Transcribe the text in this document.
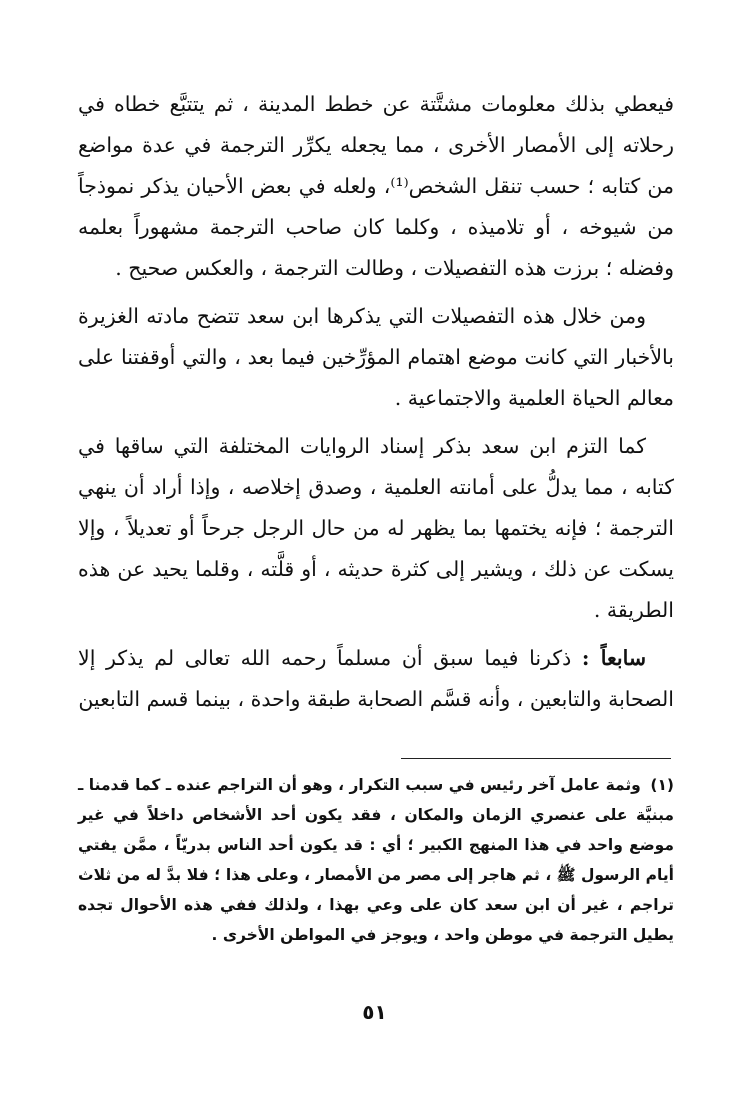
فيعطي بذلك معلومات مشتَّتة عن خطط المدينة ، ثم يتتبَّع خطاه في رحلاته إلى الأمصار الأخرى ، مما يجعله يكرِّر الترجمة في عدة مواضع من كتابه ؛ حسب تنقل الشخص⁽¹⁾، ولعله في بعض الأحيان يذكر نموذجاً من شيوخه ، أو تلاميذه ، وكلما كان صاحب الترجمة مشهوراً بعلمه وفضله ؛ برزت هذه التفصيلات ، وطالت الترجمة ، والعكس صحيح .

ومن خلال هذه التفصيلات التي يذكرها ابن سعد تتضح مادته الغزيرة بالأخبار التي كانت موضع اهتمام المؤرِّخين فيما بعد ، والتي أوقفتنا على معالم الحياة العلمية والاجتماعية .

كما التزم ابن سعد بذكر إسناد الروايات المختلفة التي ساقها في كتابه ، مما يدلُّ على أمانته العلمية ، وصدق إخلاصه ، وإذا أراد أن ينهي الترجمة ؛ فإنه يختمها بما يظهر له من حال الرجل جرحاً أو تعديلاً ، وإلا يسكت عن ذلك ، ويشير إلى كثرة حديثه ، أو قلَّته ، وقلما يحيد عن هذه الطريقة .

سابعاً : ذكرنا فيما سبق أن مسلماً رحمه الله تعالى لم يذكر إلا الصحابة والتابعين ، وأنه قسَّم الصحابة طبقة واحدة ، بينما قسم التابعين

(١) وثمة عامل آخر رئيس في سبب التكرار ، وهو أن التراجم عنده ـ كما قدمنا ـ مبنيَّة على عنصري الزمان والمكان ، فقد يكون أحد الأشخاص داخلاً في غير موضع واحد في هذا المنهج الكبير ؛ أي : قد يكون أحد الناس بدريّاً ، ممَّن يفتي أيام الرسول ﷺ ، ثم هاجر إلى مصر من الأمصار ، وعلى هذا ؛ فلا بدَّ له من ثلاث تراجم ، غير أن ابن سعد كان على وعي بهذا ، ولذلك ففي هذه الأحوال تجده يطيل الترجمة في موطن واحد ، ويوجز في المواطن الأخرى .
٥١
